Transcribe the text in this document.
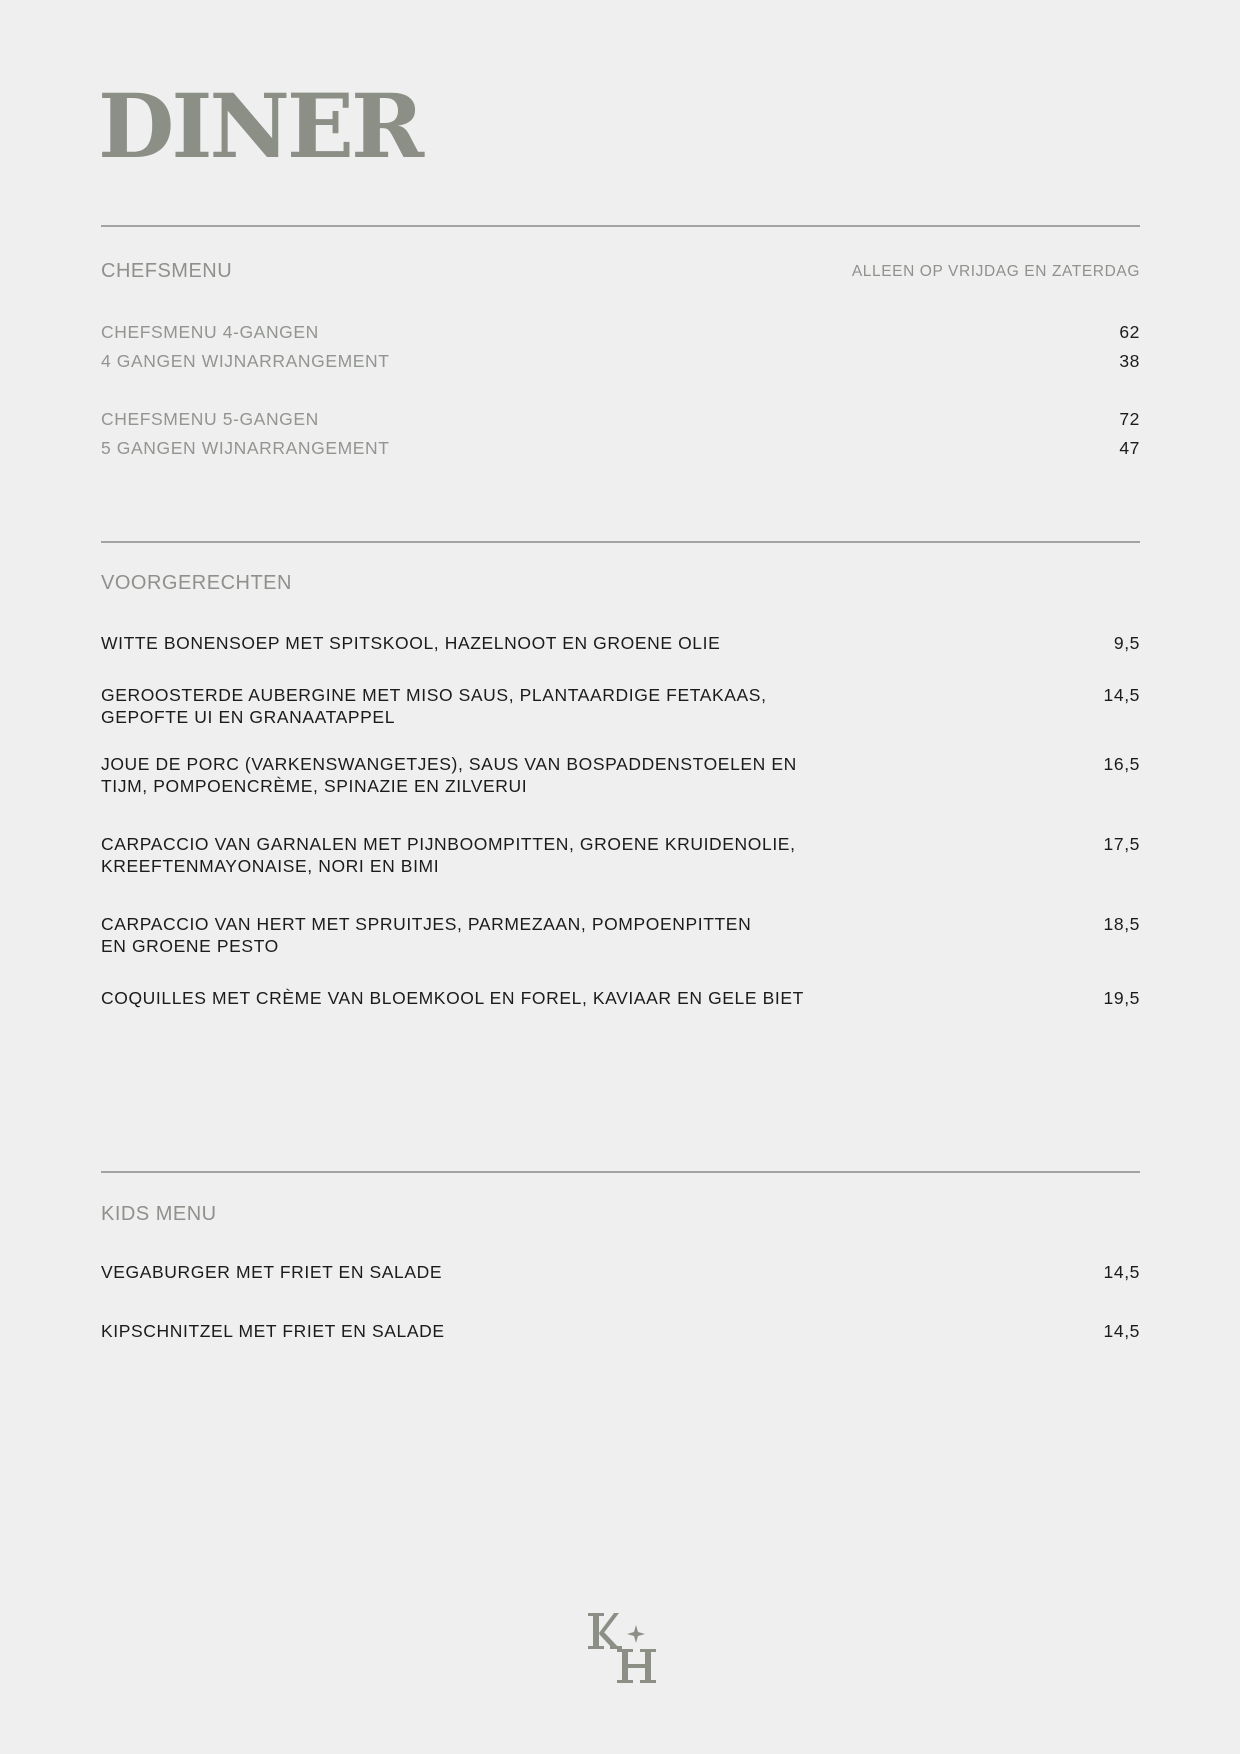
DINER
CHEFSMENU	ALLEEN OP VRIJDAG EN ZATERDAG
CHEFSMENU 4-GANGEN	62
4 GANGEN WIJNARRANGEMENT	38
CHEFSMENU 5-GANGEN	72
5 GANGEN WIJNARRANGEMENT	47
VOORGERECHTEN
WITTE BONENSOEP MET SPITSKOOL, HAZELNOOT EN GROENE OLIE	9,5
GEROOSTERDE AUBERGINE MET MISO SAUS, PLANTAARDIGE FETAKAAS,
GEPOFTE UI EN GRANAATAPPEL
14,5
JOUE DE PORC (VARKENSWANGETJES), SAUS VAN BOSPADDENSTOELEN EN
TIJM, POMPOENCRÈME, SPINAZIE EN ZILVERUI
16,5
CARPACCIO VAN GARNALEN MET PIJNBOOMPITTEN, GROENE KRUIDENOLIE,
KREEFTENMAYONAISE, NORI EN BIMI
17,5
CARPACCIO VAN HERT MET SPRUITJES, PARMEZAAN, POMPOENPITTEN
EN GROENE PESTO
18,5
COQUILLES MET CRÈME VAN BLOEMKOOL EN FOREL, KAVIAAR EN GELE BIET	19,5
KIDS MENU
VEGABURGER MET FRIET EN SALADE	14,5
KIPSCHNITZEL MET FRIET EN SALADE	14,5
